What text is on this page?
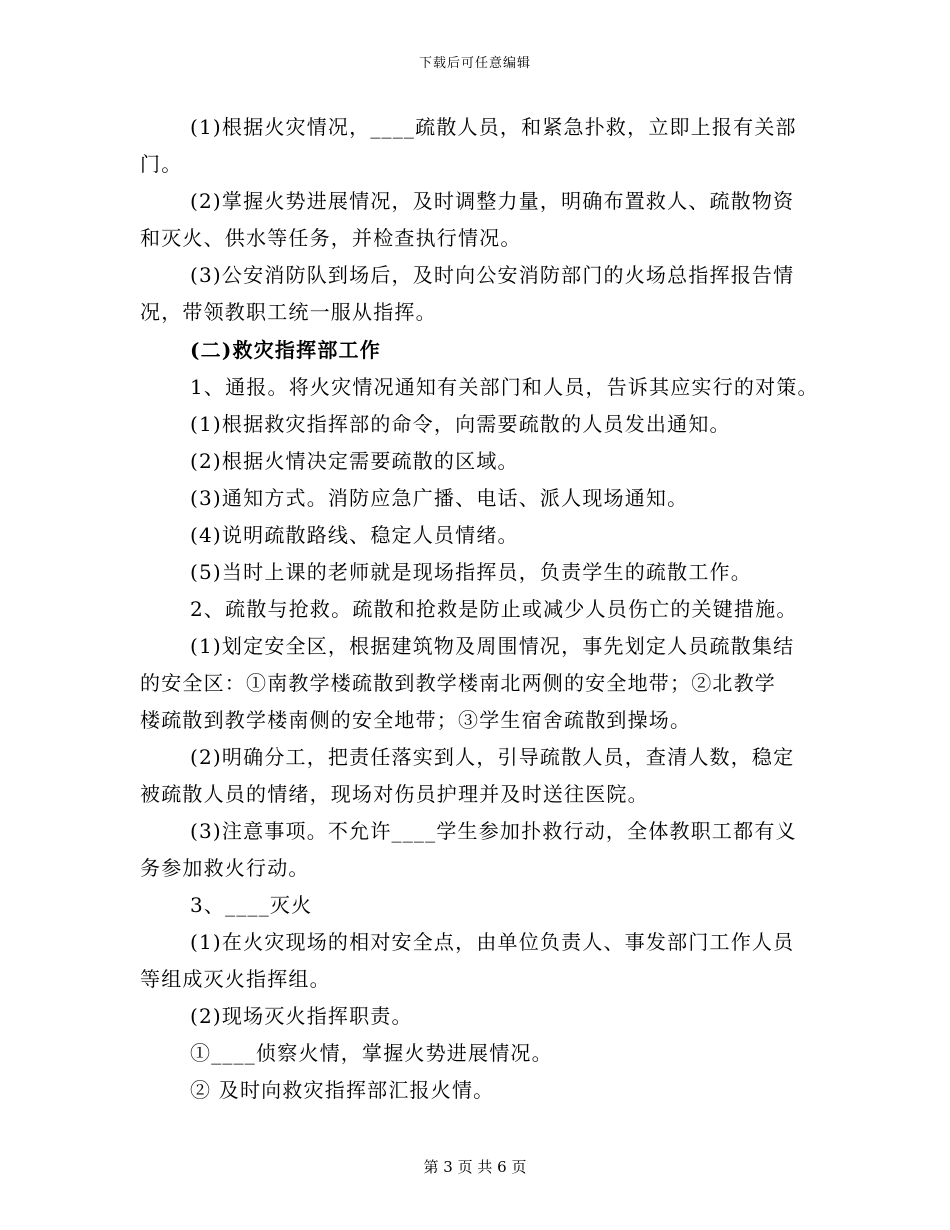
下载后可任意编辑
(1)根据火灾情况，____疏散人员，和紧急扑救，立即上报有关部
门。
(2)掌握火势进展情况，及时调整力量，明确布置救人、疏散物资
和灭火、供水等任务，并检查执行情况。
(3)公安消防队到场后，及时向公安消防部门的火场总指挥报告情
况，带领教职工统一服从指挥。
(二)救灾指挥部工作
1、通报。将火灾情况通知有关部门和人员，告诉其应实行的对策。
(1)根据救灾指挥部的命令，向需要疏散的人员发出通知。
(2)根据火情决定需要疏散的区域。
(3)通知方式。消防应急广播、电话、派人现场通知。
(4)说明疏散路线、稳定人员情绪。
(5)当时上课的老师就是现场指挥员，负责学生的疏散工作。
2、疏散与抢救。疏散和抢救是防止或减少人员伤亡的关键措施。
(1)划定安全区，根据建筑物及周围情况，事先划定人员疏散集结
的安全区：①南教学楼疏散到教学楼南北两侧的安全地带；②北教学
楼疏散到教学楼南侧的安全地带；③学生宿舍疏散到操场。
(2)明确分工，把责任落实到人，引导疏散人员，查清人数，稳定
被疏散人员的情绪，现场对伤员护理并及时送往医院。
(3)注意事项。不允许____学生参加扑救行动，全体教职工都有义
务参加救火行动。
3、____灭火
(1)在火灾现场的相对安全点，由单位负责人、事发部门工作人员
等组成灭火指挥组。
(2)现场灭火指挥职责。
①____侦察火情，掌握火势进展情况。
② 及时向救灾指挥部汇报火情。
第 3 页 共 6 页
